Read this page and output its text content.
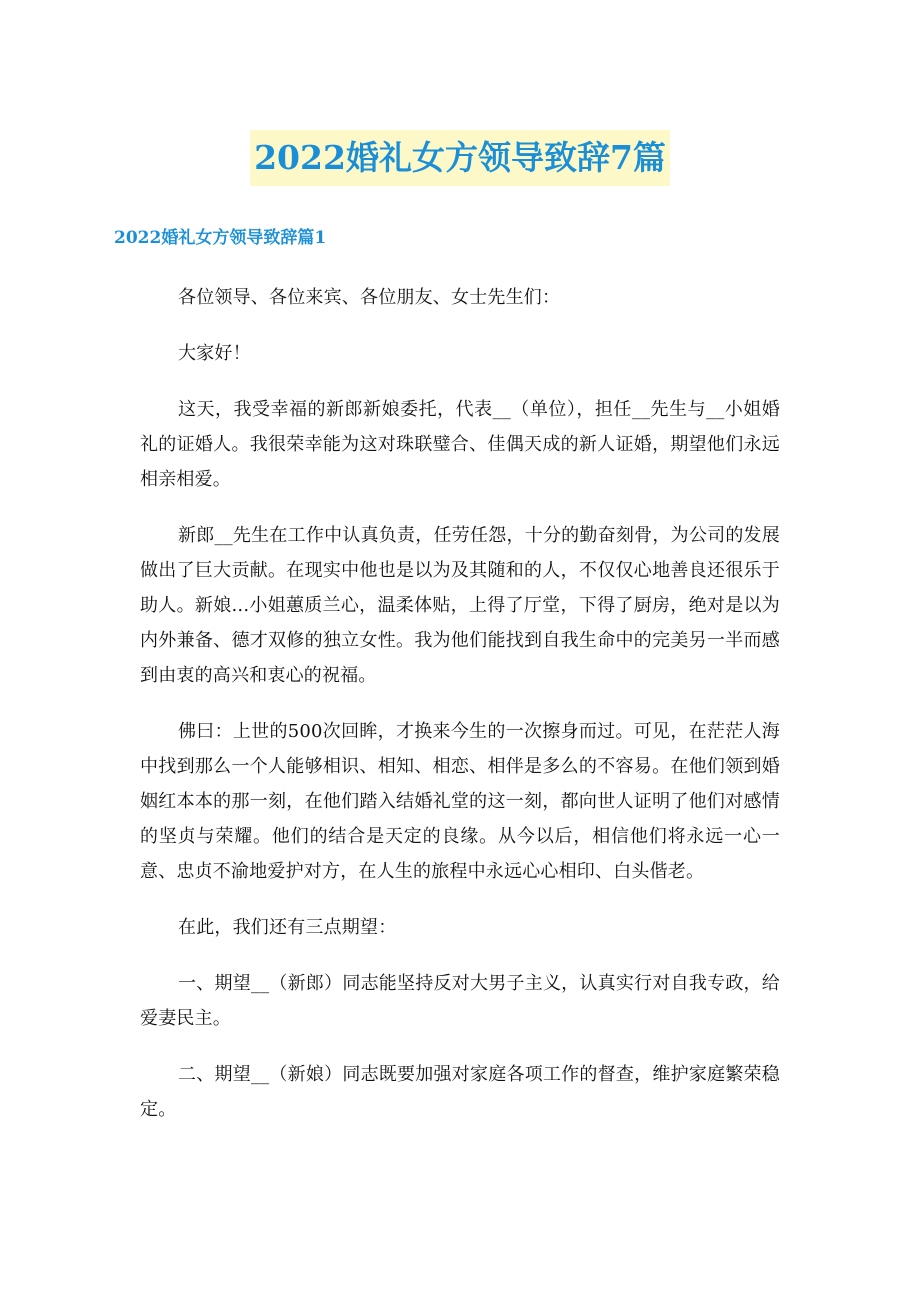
2022婚礼女方领导致辞7篇
2022婚礼女方领导致辞篇1

各位领导、各位来宾、各位朋友、女士先生们：

大家好！

这天，我受幸福的新郎新娘委托，代表__（单位），担任__先生与__小姐婚礼的证婚人。我很荣幸能为这对珠联璧合、佳偶天成的新人证婚，期望他们永远相亲相爱。

新郎__先生在工作中认真负责，任劳任怨，十分的勤奋刻骨，为公司的发展做出了巨大贡献。在现实中他也是以为及其随和的人，不仅仅心地善良还很乐于助人。新娘...小姐蕙质兰心，温柔体贴，上得了厅堂，下得了厨房，绝对是以为内外兼备、德才双修的独立女性。我为他们能找到自我生命中的完美另一半而感到由衷的高兴和衷心的祝福。

佛曰：上世的500次回眸，才换来今生的一次擦身而过。可见，在茫茫人海中找到那么一个人能够相识、相知、相恋、相伴是多么的不容易。在他们领到婚姻红本本的那一刻，在他们踏入结婚礼堂的这一刻，都向世人证明了他们对感情的坚贞与荣耀。他们的结合是天定的良缘。从今以后，相信他们将永远一心一意、忠贞不渝地爱护对方，在人生的旅程中永远心心相印、白头偕老。

在此，我们还有三点期望：

一、期望__（新郎）同志能坚持反对大男子主义，认真实行对自我专政，给爱妻民主。

二、期望__（新娘）同志既要加强对家庭各项工作的督查，维护家庭繁荣稳定。
